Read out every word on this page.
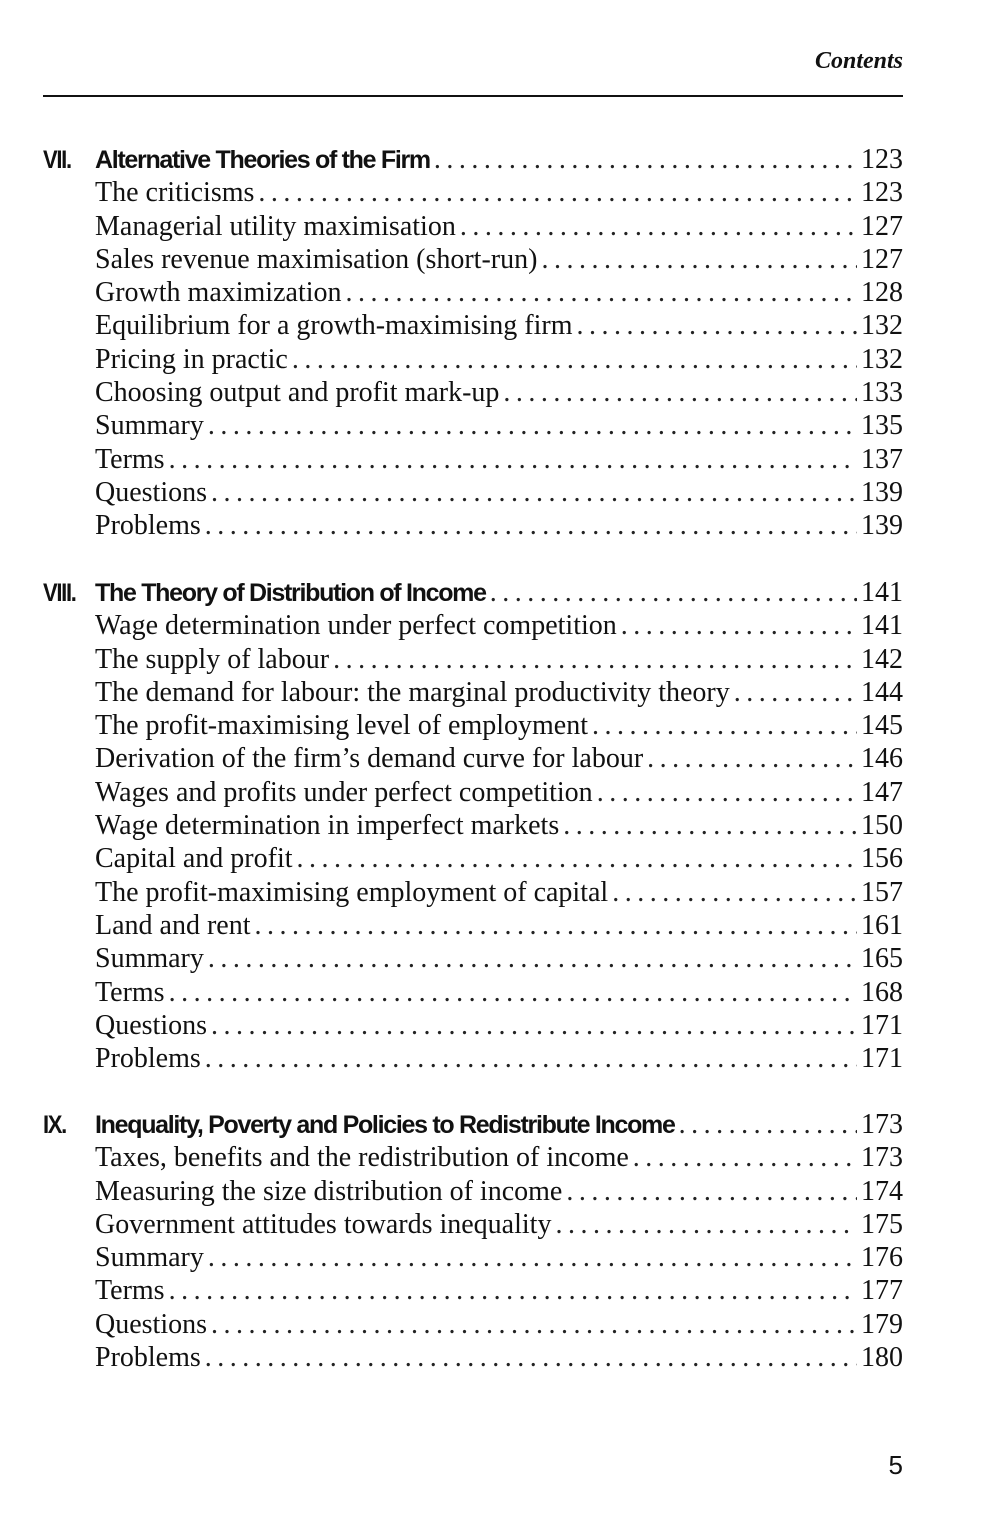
Contents
VII. Alternative Theories of the Firm . . .	123
The criticisms . . .	123
Managerial utility maximisation . . .	127
Sales revenue maximisation (short-run) . . .	127
Growth maximization . . .	128
Equilibrium for a growth-maximising firm . . .	132
Pricing in practic . . .	132
Choosing output and profit mark-up . . .	133
Summary . . .	135
Terms . . .	137
Questions . . .	139
Problems . . .	139
VIII. The Theory of Distribution of Income . . .	141
Wage determination under perfect competition . . .	141
The supply of labour . . .	142
The demand for labour: the marginal productivity theory . . .	144
The profit-maximising level of employment . . .	145
Derivation of the firm’s demand curve for labour . . .	146
Wages and profits under perfect competition . . .	147
Wage determination in imperfect markets . . .	150
Capital and profit . . .	156
The profit-maximising employment of capital . . .	157
Land and rent . . .	161
Summary . . .	165
Terms . . .	168
Questions . . .	171
Problems . . .	171
IX.	Inequality, Poverty and Policies to Redistribute Income . . .	173
Taxes, benefits and the redistribution of income . . .	173
Measuring the size distribution of income . . .	174
Government attitudes towards inequality . . .	175
Summary . . .	176
Terms . . .	177
Questions . . .	179
Problems . . .	180
5
